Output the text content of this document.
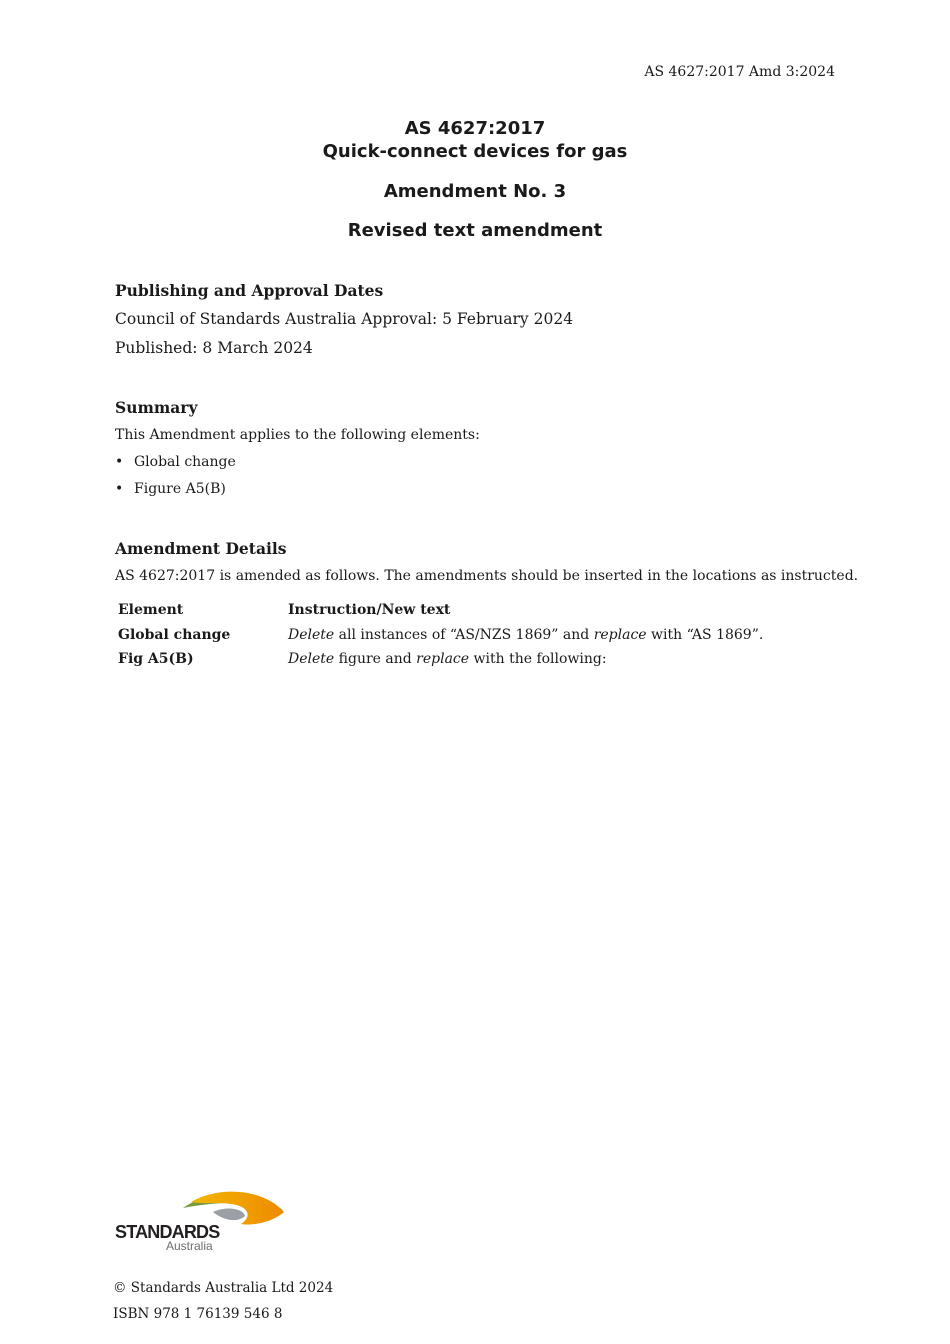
AS 4627:2017 Amd 3:2024
AS 4627:2017
Quick-connect devices for gas
Amendment No. 3
Revised text amendment
Publishing and Approval Dates
Council of Standards Australia Approval: 5 February 2024
Published: 8 March 2024
Summary
This Amendment applies to the following elements:
• Global change
• Figure A5(B)
Amendment Details
AS 4627:2017 is amended as follows. The amendments should be inserted in the locations as instructed.
Element	Instruction/New text
Global change	Delete all instances of “AS/NZS 1869” and replace with “AS 1869”.
Fig A5(B)	Delete figure and replace with the following:
STANDARDS
Australia
© Standards Australia Ltd 2024
ISBN 978 1 76139 546 8
